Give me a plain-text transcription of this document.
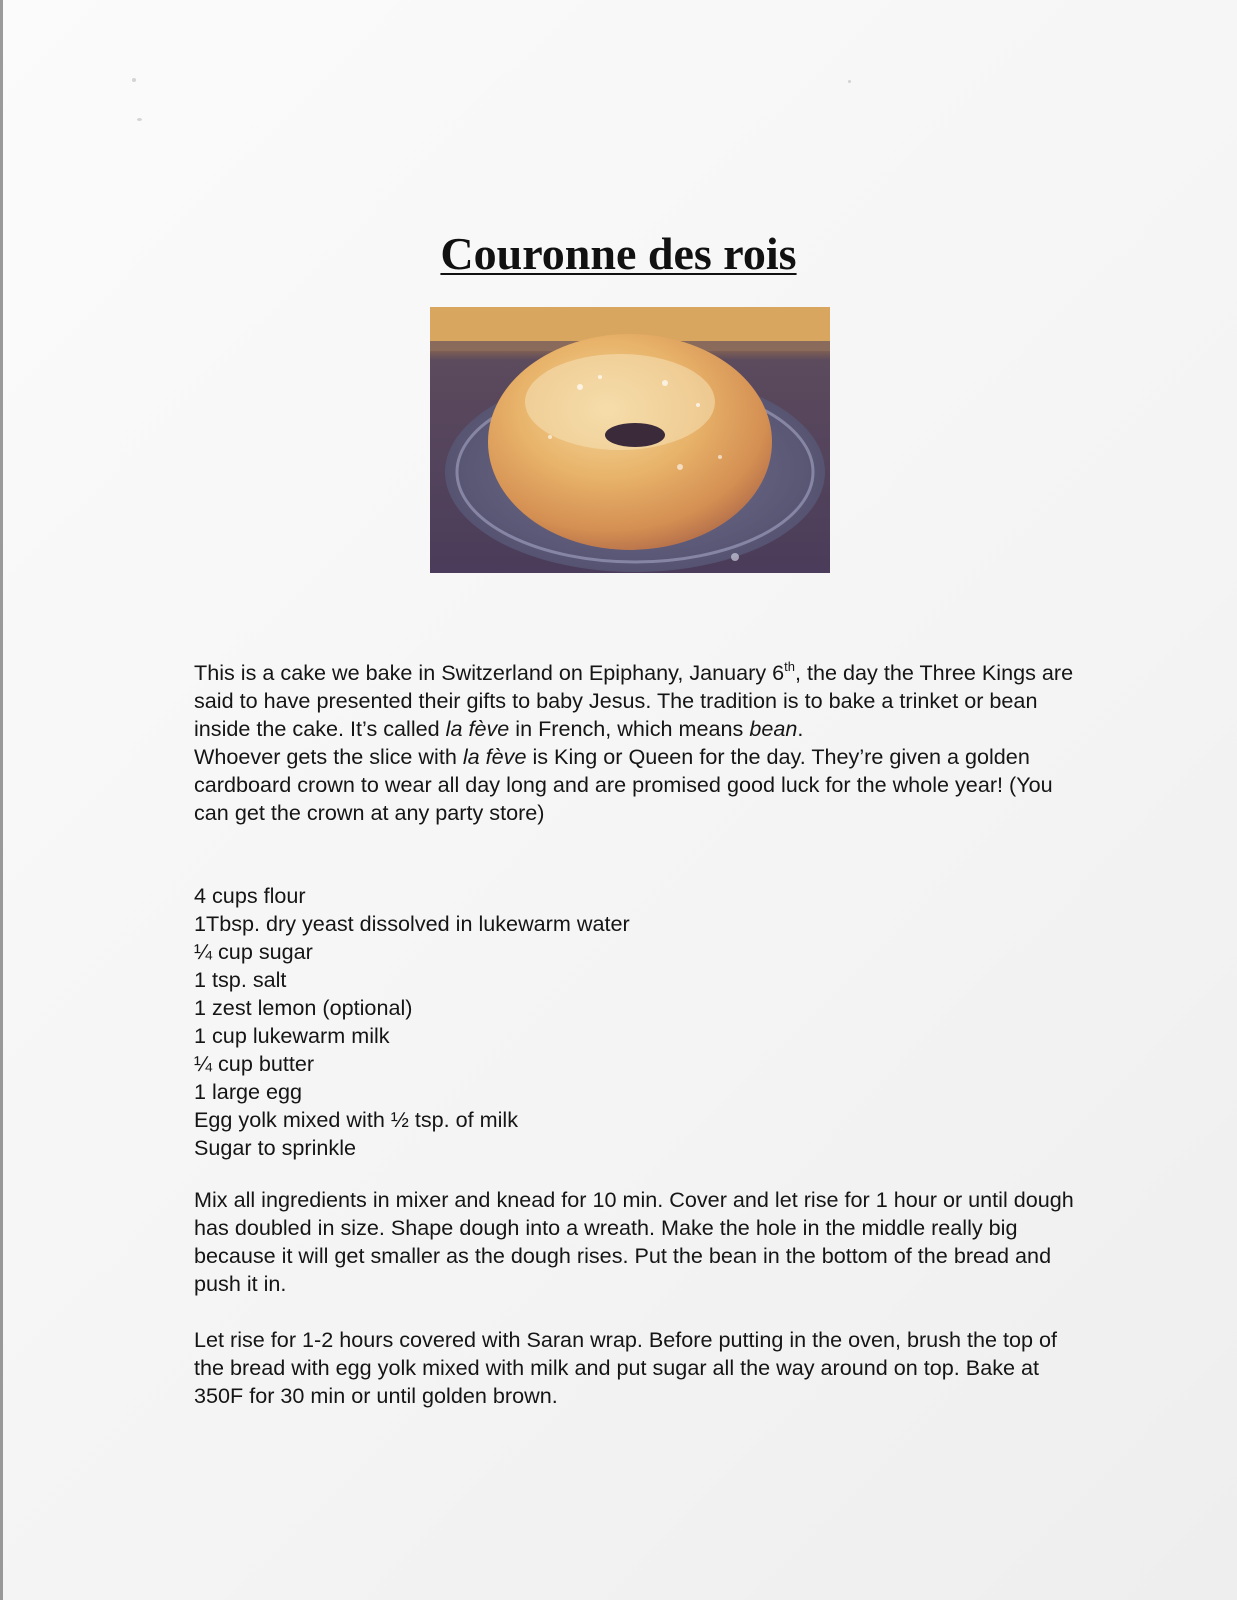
Couronne des rois

This is a cake we bake in Switzerland on Epiphany, January 6th, the day the Three Kings are said to have presented their gifts to baby Jesus. The tradition is to bake a trinket or bean inside the cake. It’s called la fève in French, which means bean.

Whoever gets the slice with la fève is King or Queen for the day. They’re given a golden cardboard crown to wear all day long and are promised good luck for the whole year! (You can get the crown at any party store)

4 cups flour
1Tbsp. dry yeast dissolved in lukewarm water
¼ cup sugar
1 tsp. salt
1 zest lemon (optional)
1 cup lukewarm milk
¼ cup butter
1 large egg
Egg yolk mixed with ½ tsp. of milk
Sugar to sprinkle

Mix all ingredients in mixer and knead for 10 min. Cover and let rise for 1 hour or until dough has doubled in size. Shape dough into a wreath. Make the hole in the middle really big because it will get smaller as the dough rises. Put the bean in the bottom of the bread and push it in.

Let rise for 1-2 hours covered with Saran wrap. Before putting in the oven, brush the top of the bread with egg yolk mixed with milk and put sugar all the way around on top. Bake at 350F for 30 min or until golden brown.
